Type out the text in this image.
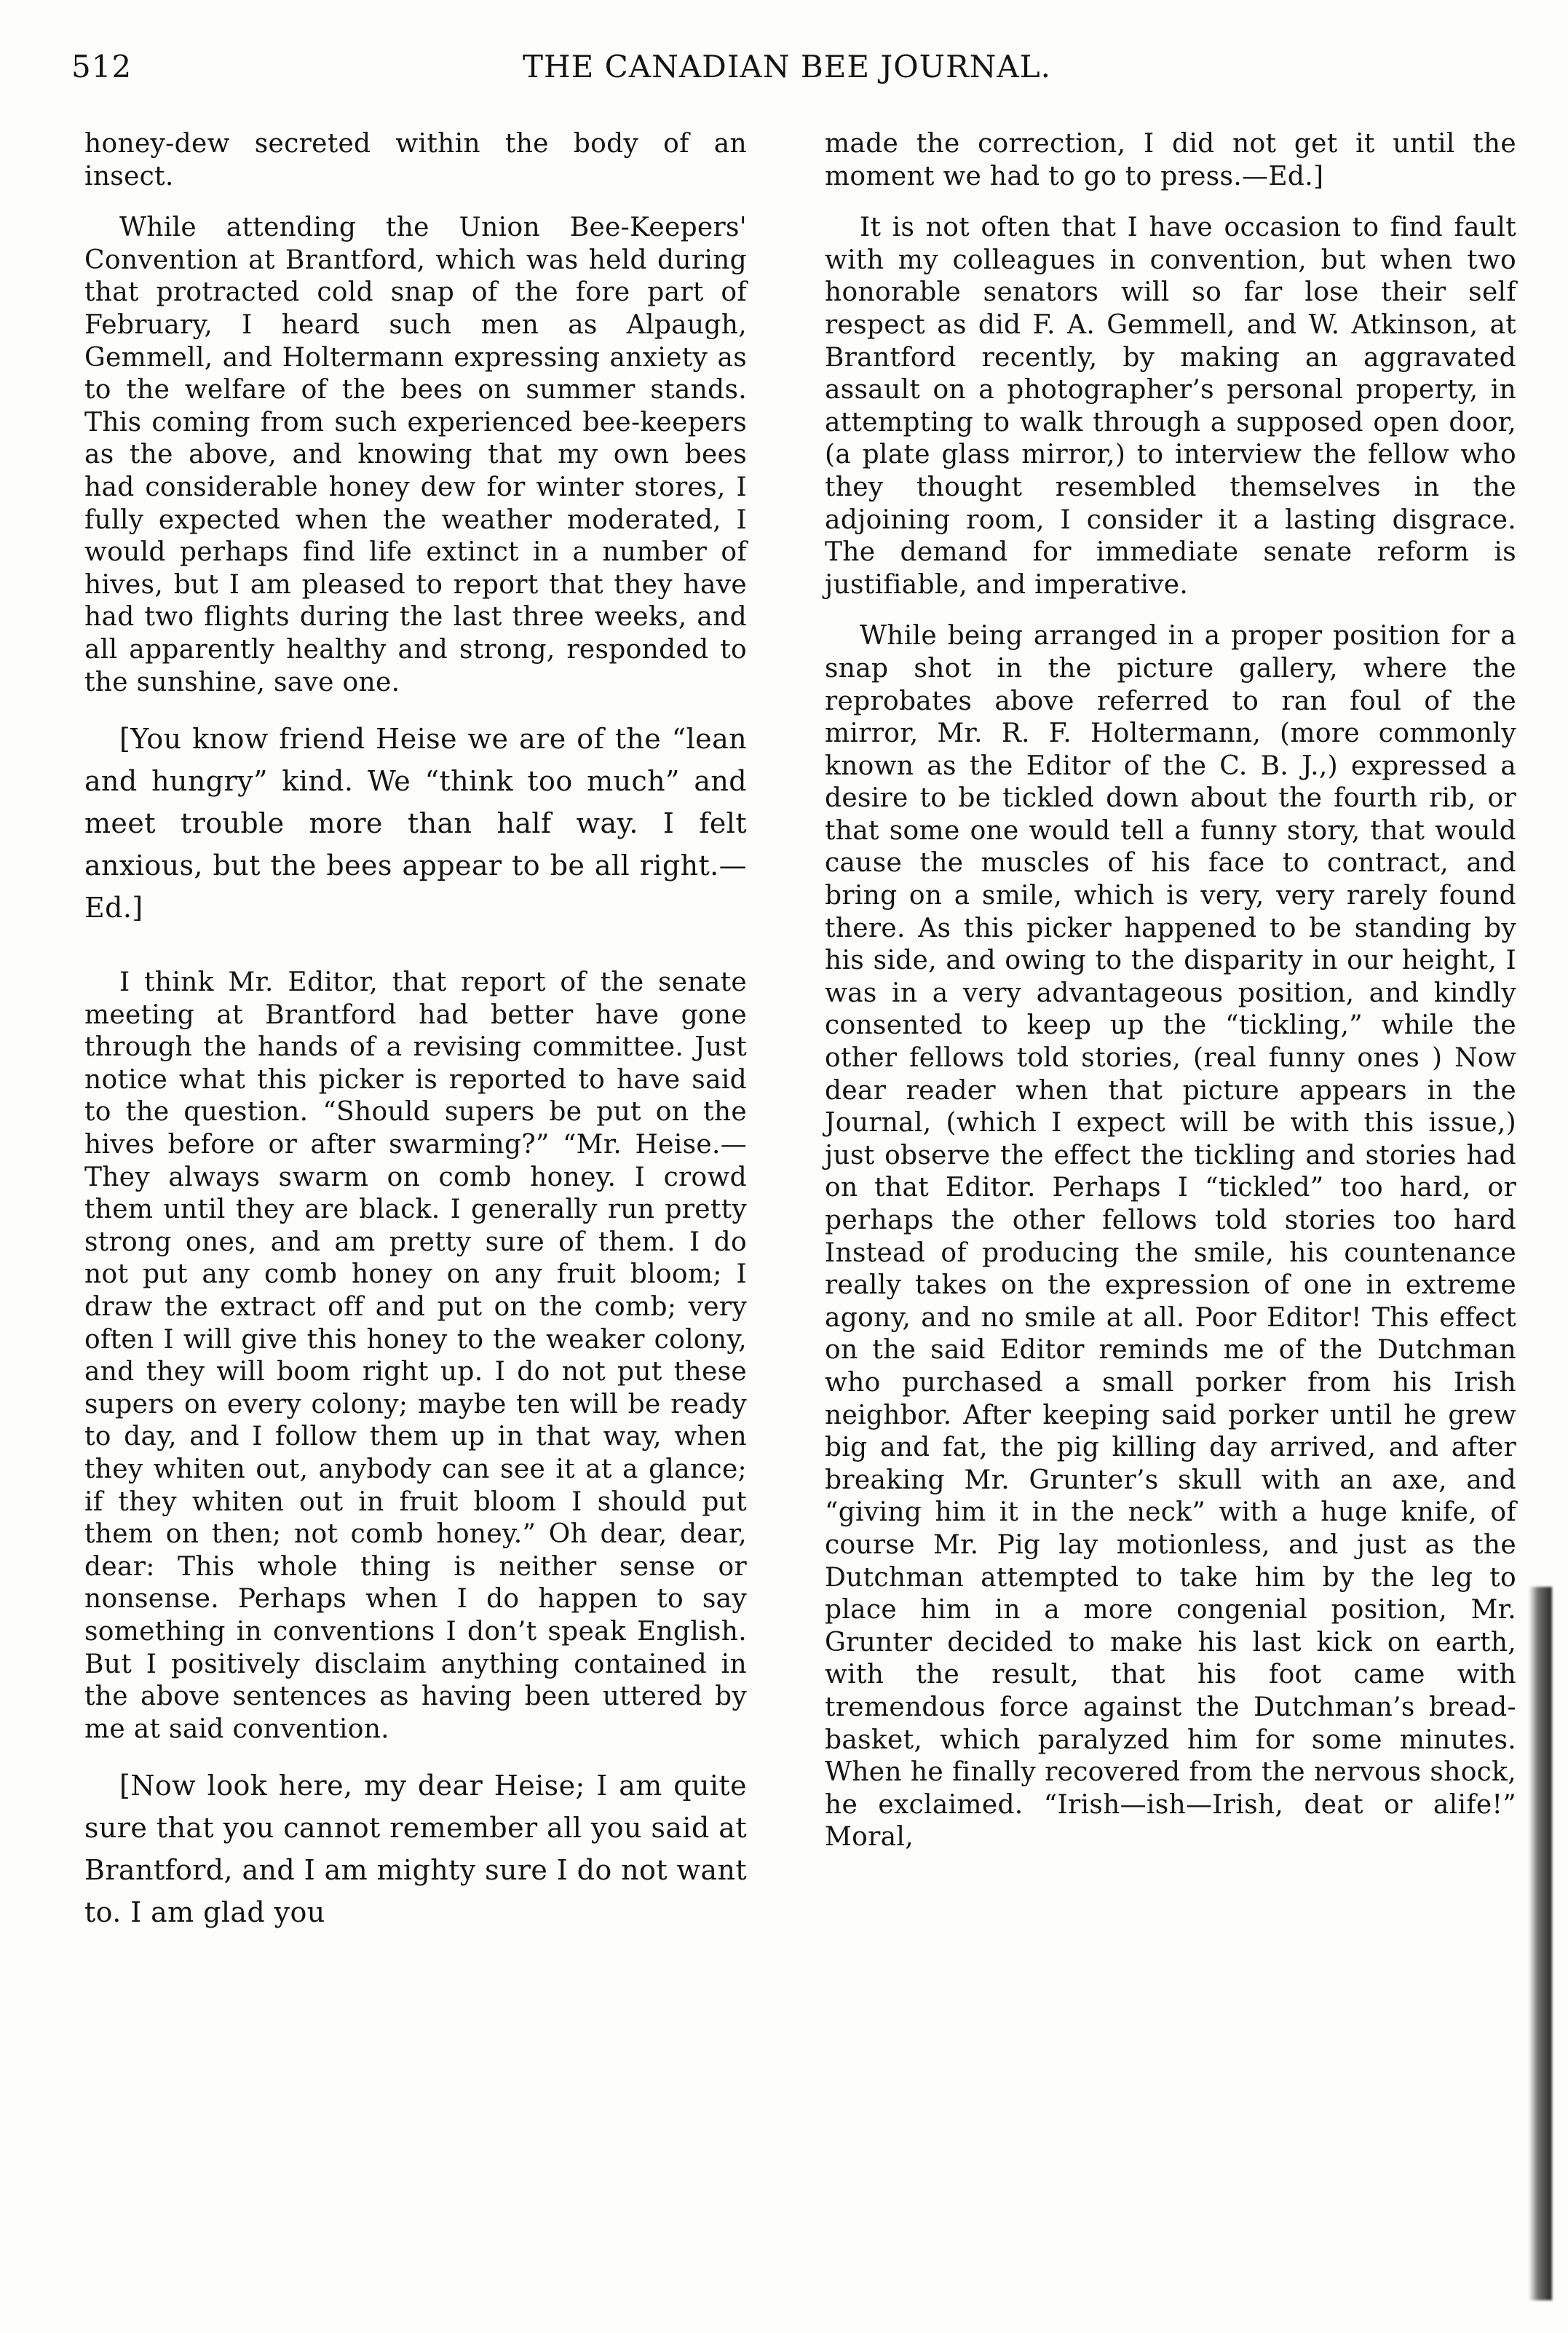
512	THE CANADIAN BEE JOURNAL.

honey-dew secreted within the body of an insect.

While attending the Union Bee-Keepers' Convention at Brantford, which was held during that protracted cold snap of the fore part of February, I heard such men as Alpaugh, Gemmell, and Holtermann expressing anxiety as to the welfare of the bees on summer stands. This coming from such experienced bee-keepers as the above, and knowing that my own bees had considerable honey dew for winter stores, I fully expected when the weather moderated, I would perhaps find life extinct in a number of hives, but I am pleased to report that they have had two flights during the last three weeks, and all apparently healthy and strong, responded to the sunshine, save one.

[You know friend Heise we are of the “lean and hungry” kind. We “think too much” and meet trouble more than half way. I felt anxious, but the bees appear to be all right.—Ed.]

I think Mr. Editor, that report of the senate meeting at Brantford had better have gone through the hands of a revising committee. Just notice what this picker is reported to have said to the question. “Should supers be put on the hives before or after swarming?” “Mr. Heise.—They always swarm on comb honey. I crowd them until they are black. I generally run pretty strong ones, and am pretty sure of them. I do not put any comb honey on any fruit bloom; I draw the extract off and put on the comb; very often I will give this honey to the weaker colony, and they will boom right up. I do not put these supers on every colony; maybe ten will be ready to day, and I follow them up in that way, when they whiten out, anybody can see it at a glance; if they whiten out in fruit bloom I should put them on then; not comb honey.” Oh dear, dear, dear: This whole thing is neither sense or nonsense. Perhaps when I do happen to say something in conventions I don’t speak English. But I positively disclaim anything contained in the above sentences as having been uttered by me at said convention.

[Now look here, my dear Heise; I am quite sure that you cannot remember all you said at Brantford, and I am mighty sure I do not want to. I am glad you

made the correction, I did not get it until the moment we had to go to press.—Ed.]

It is not often that I have occasion to find fault with my colleagues in convention, but when two honorable senators will so far lose their self respect as did F. A. Gemmell, and W. Atkinson, at Brantford recently, by making an aggravated assault on a photographer’s personal property, in attempting to walk through a supposed open door, (a plate glass mirror,) to interview the fellow who they thought resembled themselves in the adjoining room, I consider it a lasting disgrace. The demand for immediate senate reform is justifiable, and imperative.

While being arranged in a proper position for a snap shot in the picture gallery, where the reprobates above referred to ran foul of the mirror, Mr. R. F. Holtermann, (more commonly known as the Editor of the C. B. J.,) expressed a desire to be tickled down about the fourth rib, or that some one would tell a funny story, that would cause the muscles of his face to contract, and bring on a smile, which is very, very rarely found there. As this picker happened to be standing by his side, and owing to the disparity in our height, I was in a very advantageous position, and kindly consented to keep up the “tickling,” while the other fellows told stories, (real funny ones ) Now dear reader when that picture appears in the Journal, (which I expect will be with this issue,) just observe the effect the tickling and stories had on that Editor. Perhaps I “tickled” too hard, or perhaps the other fellows told stories too hard Instead of producing the smile, his countenance really takes on the expression of one in extreme agony, and no smile at all. Poor Editor! This effect on the said Editor reminds me of the Dutchman who purchased a small porker from his Irish neighbor. After keeping said porker until he grew big and fat, the pig killing day arrived, and after breaking Mr. Grunter’s skull with an axe, and “giving him it in the neck” with a huge knife, of course Mr. Pig lay motionless, and just as the Dutchman attempted to take him by the leg to place him in a more congenial position, Mr. Grunter decided to make his last kick on earth, with the result, that his foot came with tremendous force against the Dutchman’s bread-basket, which paralyzed him for some minutes. When he finally recovered from the nervous shock, he exclaimed. “Irish—ish—Irish, deat or alife!” Moral,
